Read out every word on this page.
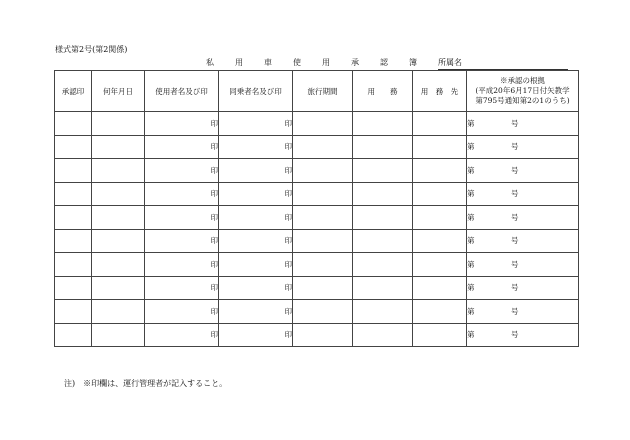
様式第2号(第2関係)
私	用	車	使	用	承	認	簿	所属名
承認印	何年月日	使用者名及び印	同乗者名及び印	旅行期間	用　　務	用　務　先	※承認の根拠
(平成20年6月17日付矢教学
第795号通知第2の1のうち)

		印	印				第 号
		印	印				第 号
		印	印				第 号
		印	印				第 号
		印	印				第 号
		印	印				第 号
		印	印				第 号
		印	印				第 号
		印	印				第 号
		印	印				第 号
注)　※印欄は、運行管理者が記入すること。
